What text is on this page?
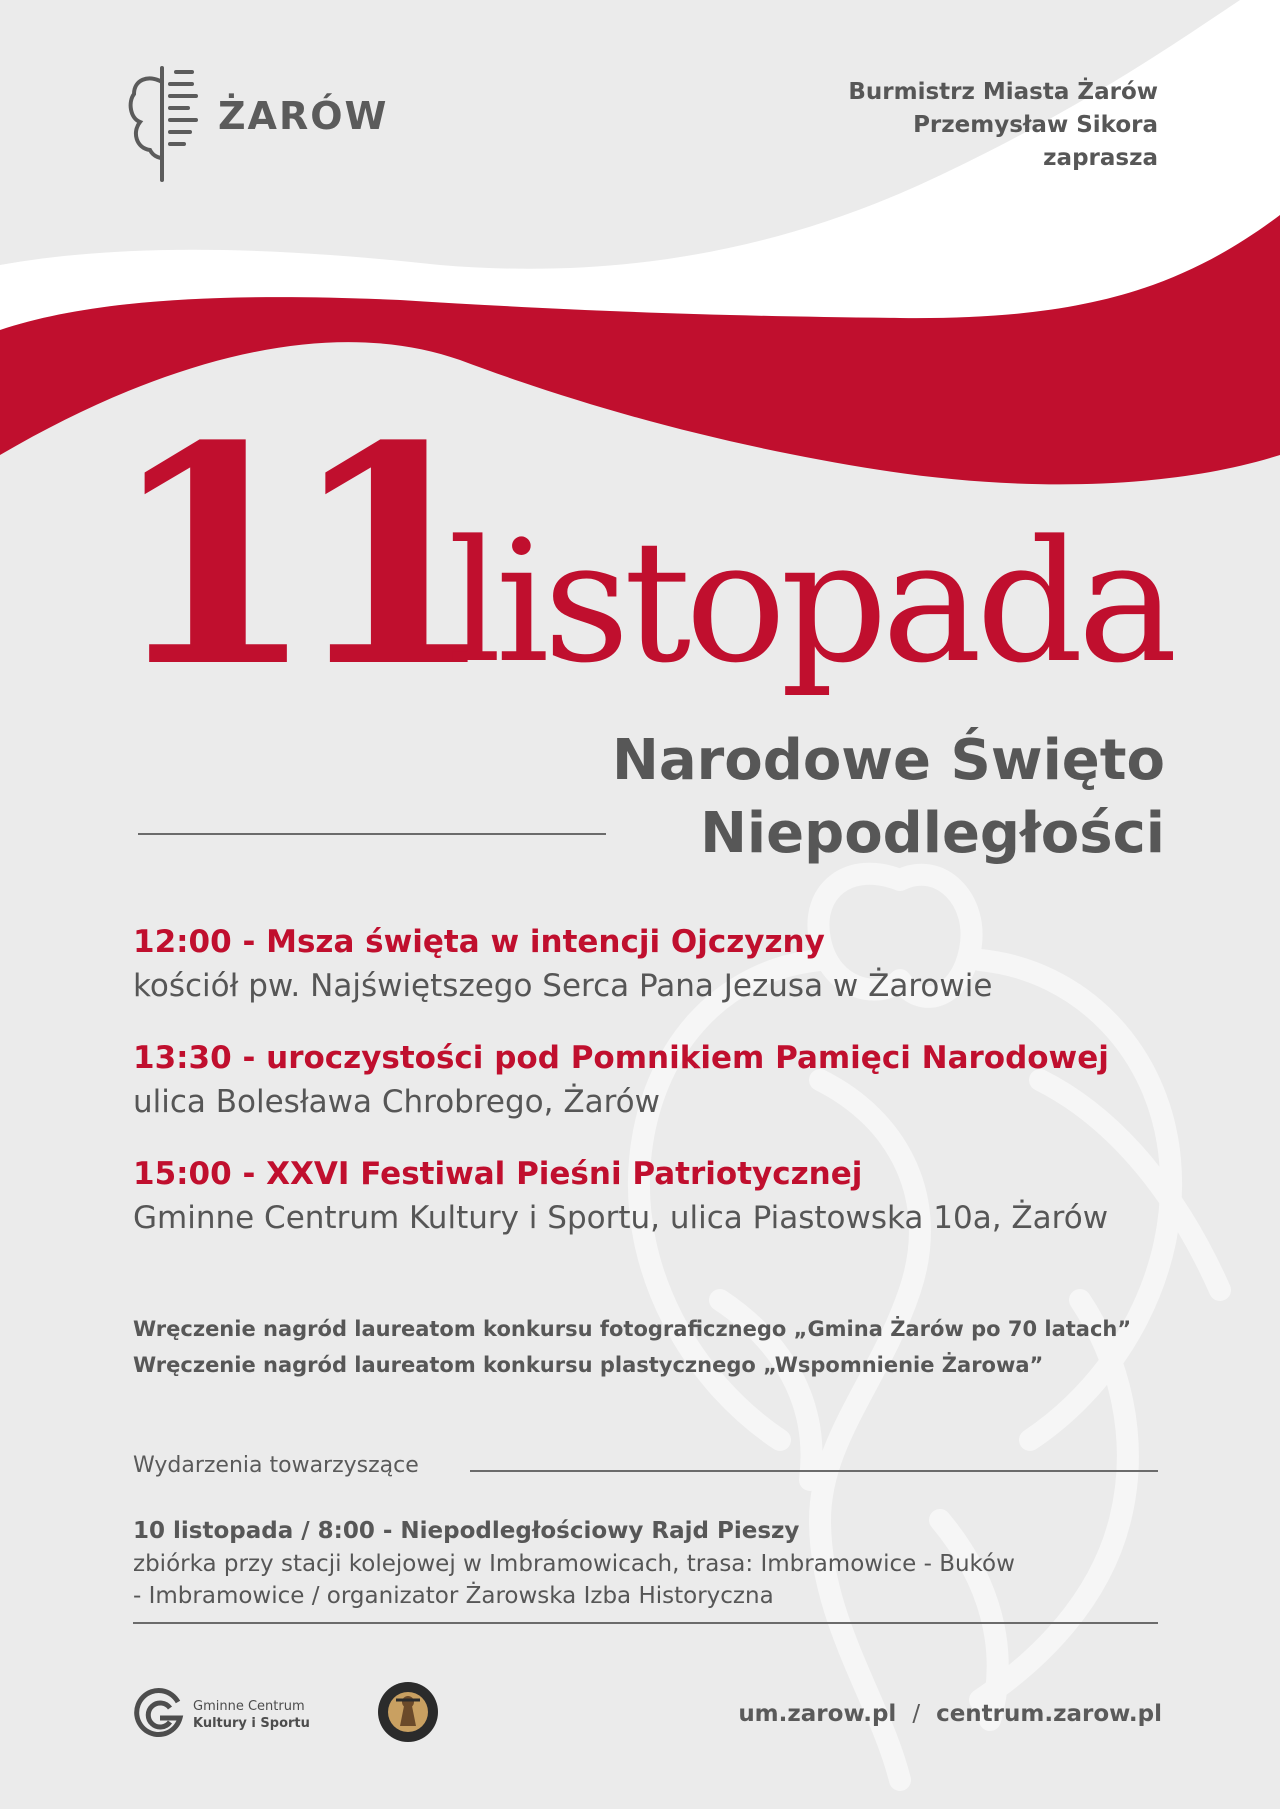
ŻARÓW
Burmistrz Miasta Żarów
Przemysław Sikora
zaprasza
11
listopada
Narodowe Święto
Niepodległości
12:00 - Msza święta w intencji Ojczyzny
kościół pw. Najświętszego Serca Pana Jezusa w Żarowie
13:30 - uroczystości pod Pomnikiem Pamięci Narodowej
ulica Bolesława Chrobrego, Żarów
15:00 - XXVI Festiwal Pieśni Patriotycznej
Gminne Centrum Kultury i Sportu, ulica Piastowska 10a, Żarów
Wręczenie nagród laureatom konkursu fotograficznego „Gmina Żarów po 70 latach”
Wręczenie nagród laureatom konkursu plastycznego „Wspomnienie Żarowa”
Wydarzenia towarzyszące
10 listopada / 8:00 - Niepodległościowy Rajd Pieszy
zbiórka przy stacji kolejowej w Imbramowicach, trasa: Imbramowice - Buków
- Imbramowice / organizator Żarowska Izba Historyczna
Gminne Centrum
Kultury i Sportu	um.zarow.pl / centrum.zarow.pl
